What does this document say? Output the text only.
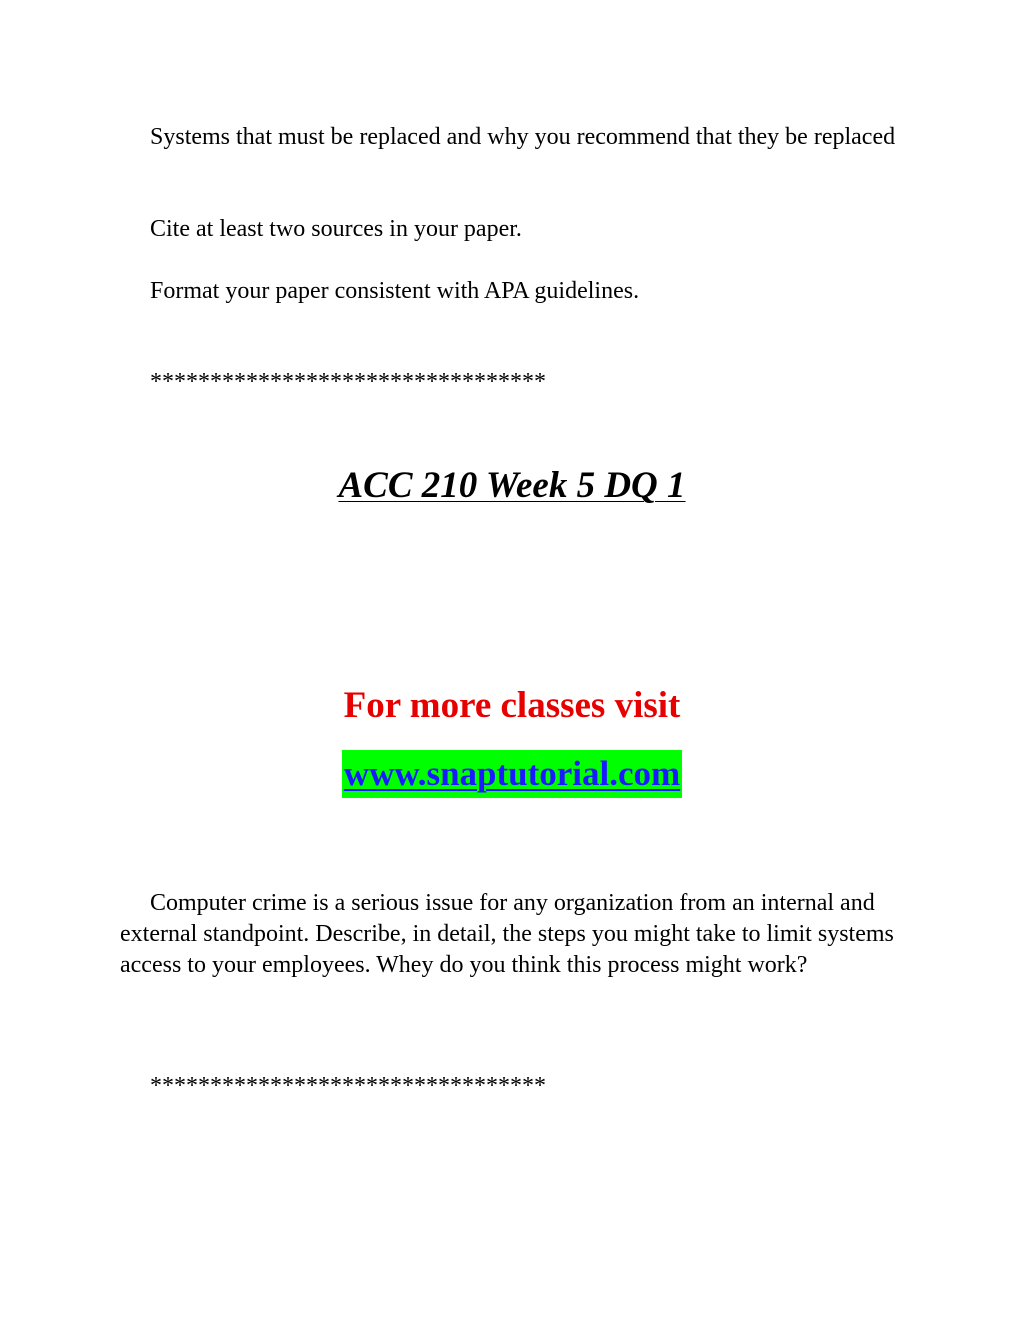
Systems that must be replaced and why you recommend that they be replaced

Cite at least two sources in your paper.

Format your paper consistent with APA guidelines.

*********************************

ACC 210 Week 5 DQ 1
For more classes visit
www.snaptutorial.com

Computer crime is a serious issue for any organization from an internal and external standpoint. Describe, in detail, the steps you might take to limit systems access to your employees. Whey do you think this process might work?

*********************************
